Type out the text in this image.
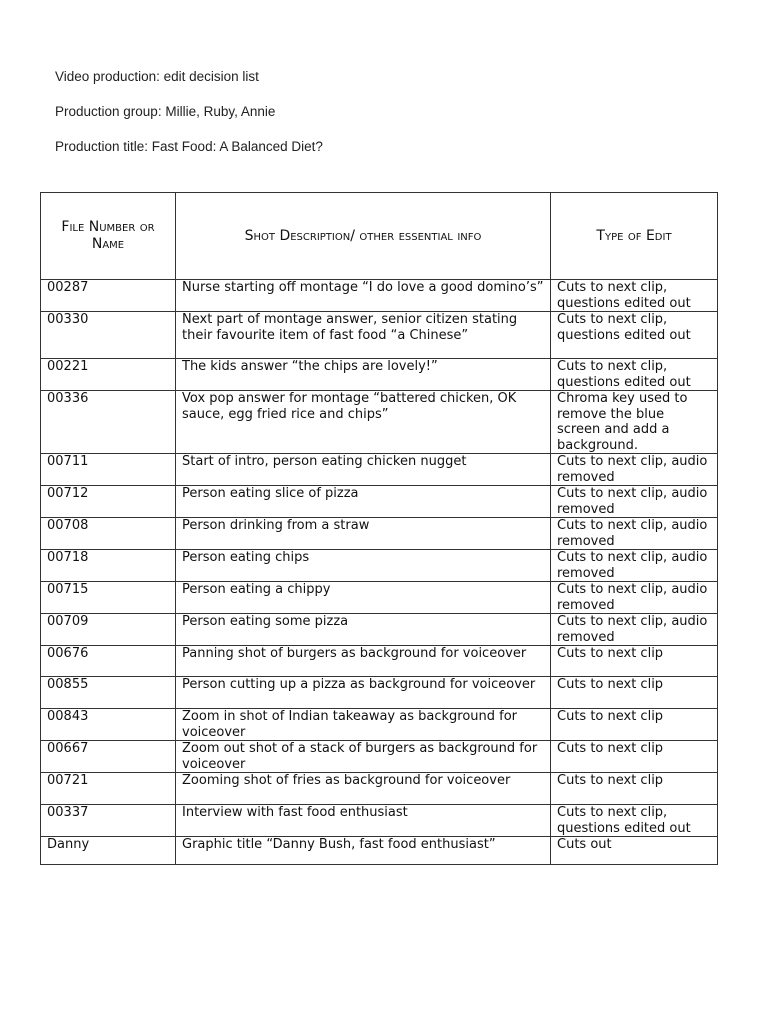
Video production: edit decision list
Production group: Millie, Ruby, Annie
Production title: Fast Food: A Balanced Diet?
File Number or Name	Shot Description/ other essential info	Type of Edit
00287	Nurse starting off montage “I do love a good domino’s”	Cuts to next clip, questions edited out
00330	Next part of montage answer, senior citizen stating their favourite item of fast food “a Chinese”	Cuts to next clip, questions edited out
00221	The kids answer “the chips are lovely!”	Cuts to next clip, questions edited out
00336	Vox pop answer for montage “battered chicken, OK sauce, egg fried rice and chips”	Chroma key used to remove the blue screen and add a background.
00711	Start of intro, person eating chicken nugget	Cuts to next clip, audio removed
00712	Person eating slice of pizza	Cuts to next clip, audio removed
00708	Person drinking from a straw	Cuts to next clip, audio removed
00718	Person eating chips	Cuts to next clip, audio removed
00715	Person eating a chippy	Cuts to next clip, audio removed
00709	Person eating some pizza	Cuts to next clip, audio removed
00676	Panning shot of burgers as background for voiceover	Cuts to next clip
00855	Person cutting up a pizza as background for voiceover	Cuts to next clip
00843	Zoom in shot of Indian takeaway as background for voiceover	Cuts to next clip
00667	Zoom out shot of a stack of burgers as background for voiceover	Cuts to next clip
00721	Zooming shot of fries as background for voiceover	Cuts to next clip
00337	Interview with fast food enthusiast	Cuts to next clip, questions edited out
Danny	Graphic title “Danny Bush, fast food enthusiast”	Cuts out
